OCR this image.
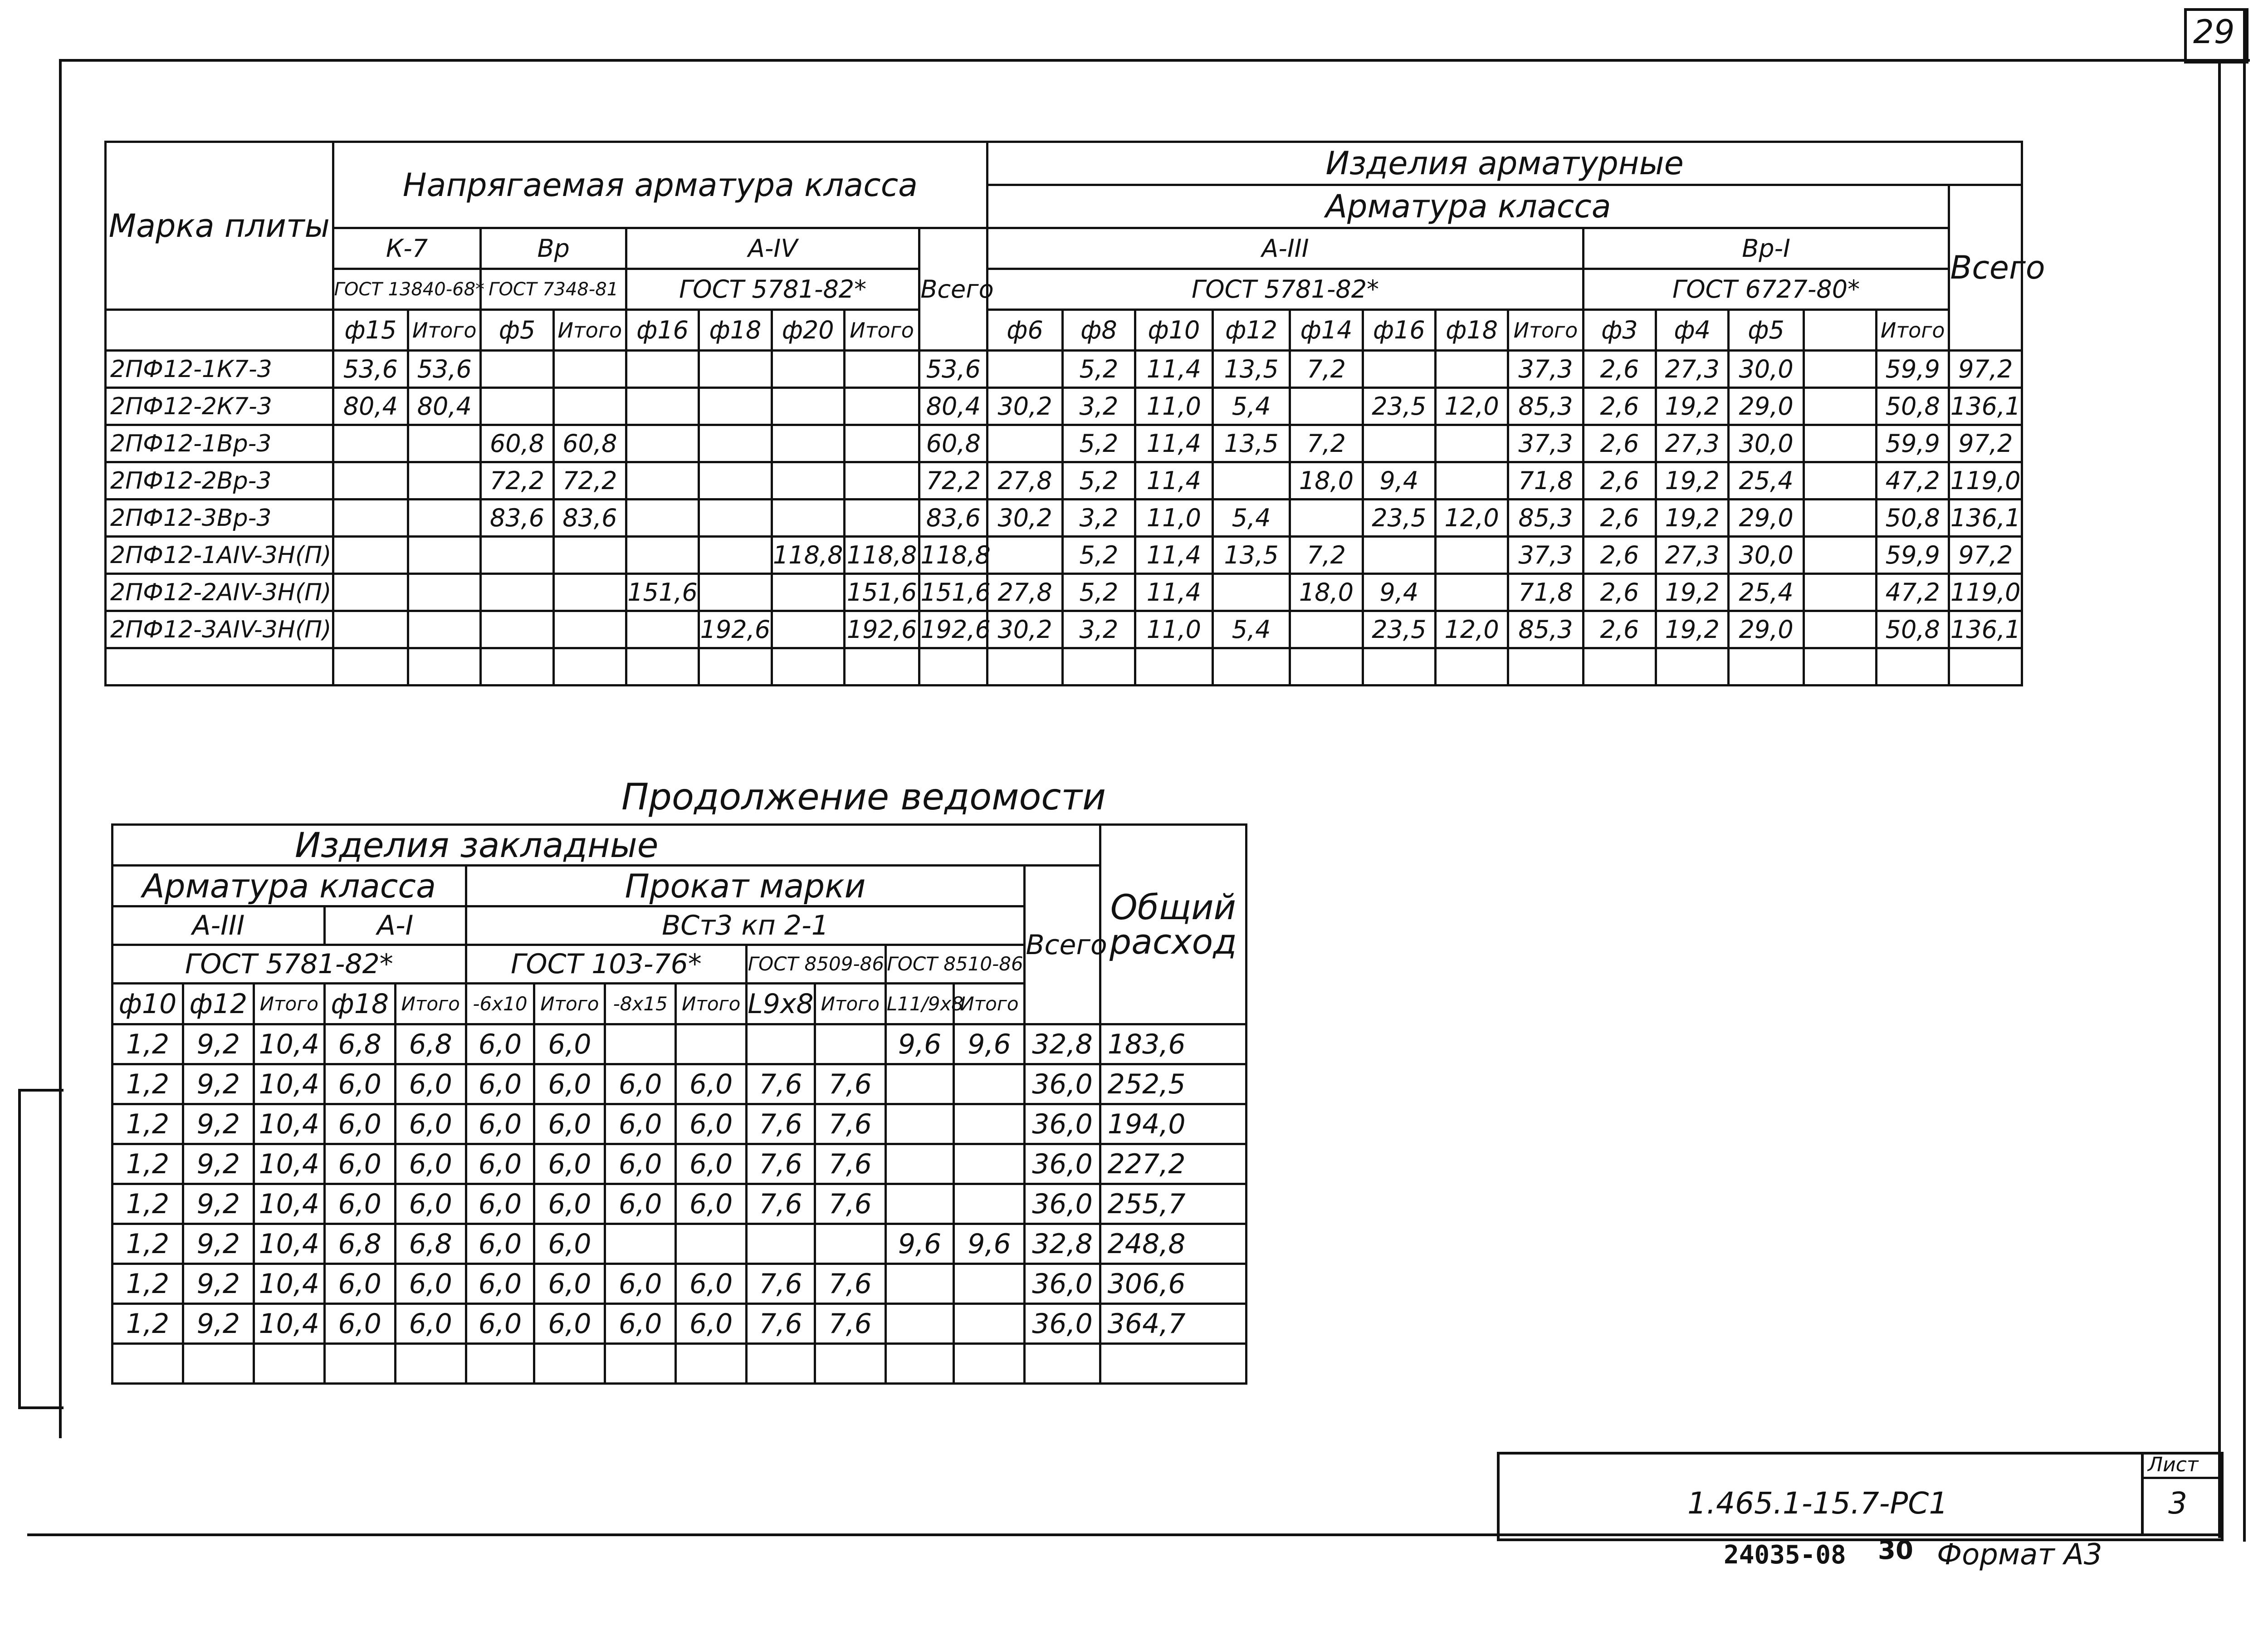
29
Марка плиты	Напрягаемая арматура класса									Изделия арматурные													
										Арматура класса													Всего
	К-7		Вр		А-IV				Всего	А-III								Вр-I					
	ГОСТ 13840-68*		ГОСТ 7348-81		ГОСТ 5781-82*					ГОСТ 5781-82*								ГОСТ 6727-80*					
	ф15	Итого	ф5	Итого	ф16	ф18	ф20	Итого		ф6	ф8	ф10	ф12	ф14	ф16	ф18	Итого	ф3	ф4	ф5		Итого	
2ПФ12-1К7-3	53,6	53,6							53,6		5,2	11,4	13,5	7,2			37,3	2,6	27,3	30,0		59,9	97,2
2ПФ12-2К7-3	80,4	80,4							80,4	30,2	3,2	11,0	5,4		23,5	12,0	85,3	2,6	19,2	29,0		50,8	136,1
2ПФ12-1Вр-3			60,8	60,8					60,8		5,2	11,4	13,5	7,2			37,3	2,6	27,3	30,0		59,9	97,2
2ПФ12-2Вр-3			72,2	72,2					72,2	27,8	5,2	11,4		18,0	9,4		71,8	2,6	19,2	25,4		47,2	119,0
2ПФ12-3Вр-3			83,6	83,6					83,6	30,2	3,2	11,0	5,4		23,5	12,0	85,3	2,6	19,2	29,0		50,8	136,1
2ПФ12-1АIV-3Н(П)							118,8	118,8	118,8		5,2	11,4	13,5	7,2			37,3	2,6	27,3	30,0		59,9	97,2
2ПФ12-2АIV-3Н(П)					151,6			151,6	151,6	27,8	5,2	11,4		18,0	9,4		71,8	2,6	19,2	25,4		47,2	119,0
2ПФ12-3АIV-3Н(П)						192,6		192,6	192,6	30,2	3,2	11,0	5,4		23,5	12,0	85,3	2,6	19,2	29,0		50,8	136,1

Продолжение ведомости
Изделия закладные														Общий расход
Арматура класса					Прокат марки								Всего	
А-III			А-I		ВСт3 кп 2-1									
ГОСТ 5781-82*					ГОСТ 103-76*				ГОСТ 8509-86		ГОСТ 8510-86			
ф10	ф12	Итого	ф18	Итого	-6х10	Итого	-8х15	Итого	L9х8	Итого	L11/9х8	Итого		
1,2	9,2	10,4	6,8	6,8	6,0	6,0					9,6	9,6	32,8	183,6
1,2	9,2	10,4	6,0	6,0	6,0	6,0	6,0	6,0	7,6	7,6			36,0	252,5
1,2	9,2	10,4	6,0	6,0	6,0	6,0	6,0	6,0	7,6	7,6			36,0	194,0
1,2	9,2	10,4	6,0	6,0	6,0	6,0	6,0	6,0	7,6	7,6			36,0	227,2
1,2	9,2	10,4	6,0	6,0	6,0	6,0	6,0	6,0	7,6	7,6			36,0	255,7
1,2	9,2	10,4	6,8	6,8	6,0	6,0					9,6	9,6	32,8	248,8
1,2	9,2	10,4	6,0	6,0	6,0	6,0	6,0	6,0	7,6	7,6			36,0	306,6
1,2	9,2	10,4	6,0	6,0	6,0	6,0	6,0	6,0	7,6	7,6			36,0	364,7

1.465.1-15.7-РС1
Лист
3
24035-08 30 Формат А3
